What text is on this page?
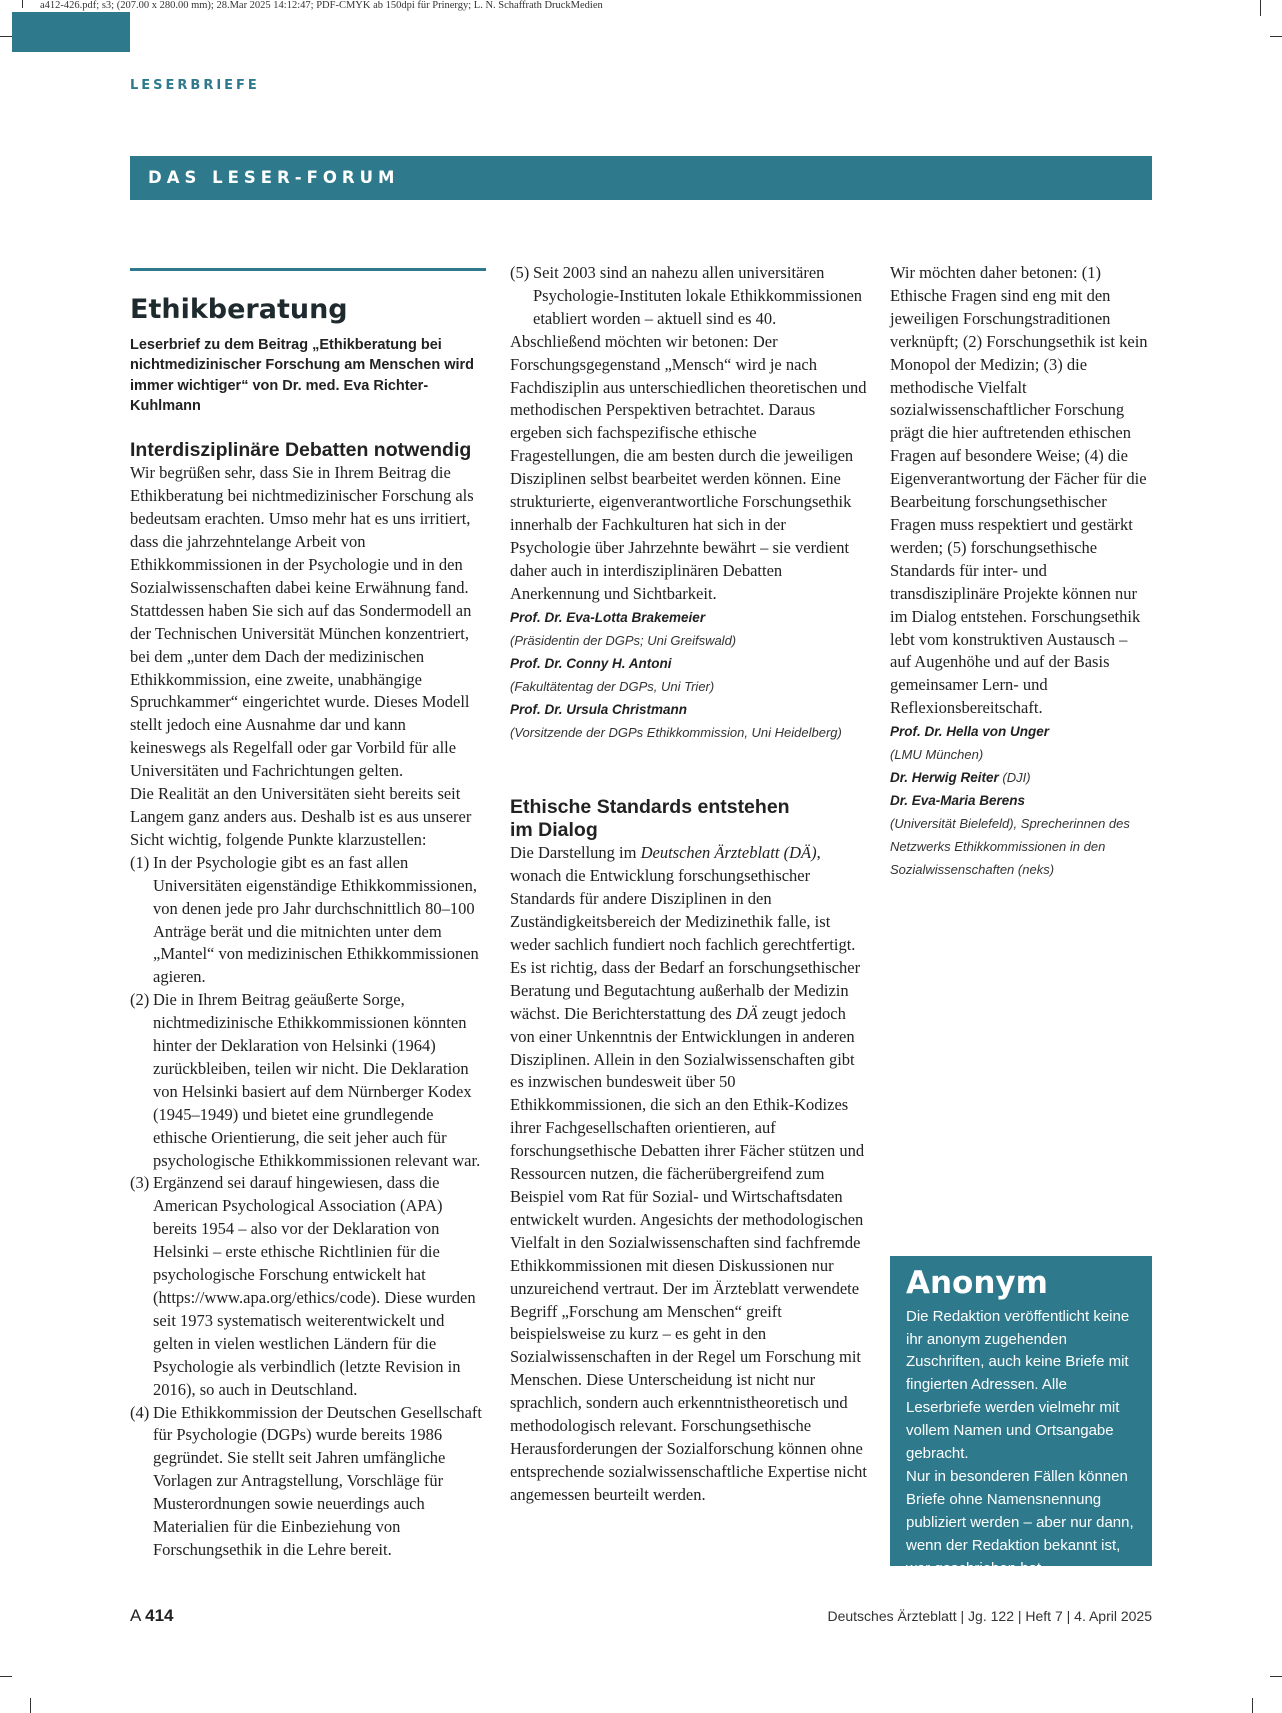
a412-426.pdf; s3; (207.00 x 280.00 mm); 28.Mar 2025 14:12:47; PDF-CMYK ab 150dpi für Prinergy; L. N. Schaffrath DruckMedien
LESERBRIEFE
DAS LESER-FORUM
Ethikberatung
Leserbrief zu dem Beitrag „Ethikberatung bei nichtmedizinischer Forschung am Menschen wird immer wichtiger“ von Dr. med. Eva Richter-Kuhlmann
Interdisziplinäre Debatten notwendig

Wir begrüßen sehr, dass Sie in Ihrem Beitrag die Ethikberatung bei nichtmedizinischer Forschung als bedeutsam erachten. Umso mehr hat es uns irritiert, dass die jahrzehntelange Arbeit von Ethikkommissionen in der Psychologie und in den Sozialwissenschaften dabei keine Erwähnung fand. Stattdessen haben Sie sich auf das Sondermodell an der Technischen Universität München konzentriert, bei dem „unter dem Dach der medizinischen Ethikkommission, eine zweite, unabhängige Spruchkammer“ eingerichtet wurde. Dieses Modell stellt jedoch eine Ausnahme dar und kann keineswegs als Regelfall oder gar Vorbild für alle Universitäten und Fachrichtungen gelten.

Die Realität an den Universitäten sieht bereits seit Langem ganz anders aus. Deshalb ist es aus unserer Sicht wichtig, folgende Punkte klarzustellen:

(1) In der Psychologie gibt es an fast allen Universitäten eigenständige Ethikkommissionen, von denen jede pro Jahr durchschnittlich 80–100 Anträge berät und die mitnichten unter dem „Mantel“ von medizinischen Ethikkommissionen agieren.
(2) Die in Ihrem Beitrag geäußerte Sorge, nichtmedizinische Ethikkommissionen könnten hinter der Deklaration von Helsinki (1964) zurückbleiben, teilen wir nicht. Die Deklaration von Helsinki basiert auf dem Nürnberger Kodex (1945–1949) und bietet eine grundlegende ethische Orientierung, die seit jeher auch für psychologische Ethikkommissionen relevant war.
(3) Ergänzend sei darauf hingewiesen, dass die American Psychological Association (APA) bereits 1954 – also vor der Deklaration von Helsinki – erste ethische Richtlinien für die psychologische Forschung entwickelt hat (https://www.apa.org/ethics/code). Diese wurden seit 1973 systematisch weiterentwickelt und gelten in vielen westlichen Ländern für die Psychologie als verbindlich (letzte Revision in 2016), so auch in Deutschland.
(4) Die Ethikkommission der Deutschen Gesellschaft für Psychologie (DGPs) wurde bereits 1986 gegründet. Sie stellt seit Jahren umfängliche Vorlagen zur Antragstellung, Vorschläge für Musterordnungen sowie neuerdings auch Materialien für die Einbeziehung von Forschungsethik in die Lehre bereit.
(5) Seit 2003 sind an nahezu allen universitären Psychologie-Instituten lokale Ethikkommissionen etabliert worden – aktuell sind es 40.

Abschließend möchten wir betonen: Der Forschungsgegenstand „Mensch“ wird je nach Fachdisziplin aus unterschiedlichen theoretischen und methodischen Perspektiven betrachtet. Daraus ergeben sich fachspezifische ethische Fragestellungen, die am besten durch die jeweiligen Disziplinen selbst bearbeitet werden können. Eine strukturierte, eigenverantwortliche Forschungsethik innerhalb der Fachkulturen hat sich in der Psychologie über Jahrzehnte bewährt – sie verdient daher auch in interdisziplinären Debatten Anerkennung und Sichtbarkeit.

Prof. Dr. Eva-Lotta Brakemeier
(Präsidentin der DGPs; Uni Greifswald)
Prof. Dr. Conny H. Antoni
(Fakultätentag der DGPs, Uni Trier)
Prof. Dr. Ursula Christmann
(Vorsitzende der DGPs Ethikkommission, Uni Heidelberg)
Ethische Standards entstehen
im Dialog

Die Darstellung im Deutschen Ärzteblatt (DÄ), wonach die Entwicklung forschungsethischer Standards für andere Disziplinen in den Zuständigkeitsbereich der Medizinethik falle, ist weder sachlich fundiert noch fachlich gerechtfertigt. Es ist richtig, dass der Bedarf an forschungsethischer Beratung und Begutachtung außerhalb der Medizin wächst. Die Berichterstattung des DÄ zeugt jedoch von einer Unkenntnis der Entwicklungen in anderen Disziplinen. Allein in den Sozialwissenschaften gibt es inzwischen bundesweit über 50 Ethikkommissionen, die sich an den Ethik-Kodizes ihrer Fachgesellschaften orientieren, auf forschungsethische Debatten ihrer Fächer stützen und Ressourcen nutzen, die fächerübergreifend zum Beispiel vom Rat für Sozial- und Wirtschaftsdaten entwickelt wurden. Angesichts der methodologischen Vielfalt in den Sozialwissenschaften sind fachfremde Ethikkommissionen mit diesen Diskussionen nur unzureichend vertraut. Der im Ärzteblatt verwendete Begriff „Forschung am Menschen“ greift beispielsweise zu kurz – es geht in den Sozialwissenschaften in der Regel um Forschung mit Menschen. Diese Unterscheidung ist nicht nur sprachlich, sondern auch erkenntnistheoretisch und methodologisch relevant. Forschungsethische Herausforderungen der Sozialforschung können ohne entsprechende sozialwissenschaftliche Expertise nicht angemessen beurteilt werden.

Wir möchten daher betonen: (1) Ethische Fragen sind eng mit den jeweiligen Forschungstraditionen verknüpft; (2) Forschungsethik ist kein Monopol der Medizin; (3) die methodische Vielfalt sozialwissenschaftlicher Forschung prägt die hier auftretenden ethischen Fragen auf besondere Weise; (4) die Eigenverantwortung der Fächer für die Bearbeitung forschungsethischer Fragen muss respektiert und gestärkt werden; (5) forschungsethische Standards für inter- und transdisziplinäre Projekte können nur im Dialog entstehen. Forschungsethik lebt vom konstruktiven Austausch – auf Augenhöhe und auf der Basis gemeinsamer Lern- und Reflexionsbereitschaft.

Prof. Dr. Hella von Unger
(LMU München)
Dr. Herwig Reiter (DJI)
Dr. Eva-Maria Berens
(Universität Bielefeld), Sprecherinnen des Netzwerks Ethikkommissionen in den Sozialwissenschaften (neks)
Anonym
Die Redaktion veröffentlicht keine ihr anonym zugehenden Zuschriften, auch keine Briefe mit fingierten Adressen. Alle Leserbriefe werden vielmehr mit vollem Namen und Ortsangabe gebracht.
Nur in besonderen Fällen können Briefe ohne Namensnennung publiziert werden – aber nur dann, wenn der Redaktion bekannt ist, wer geschrieben hat.
A 414	Deutsches Ärzteblatt | Jg. 122 | Heft 7 | 4. April 2025
